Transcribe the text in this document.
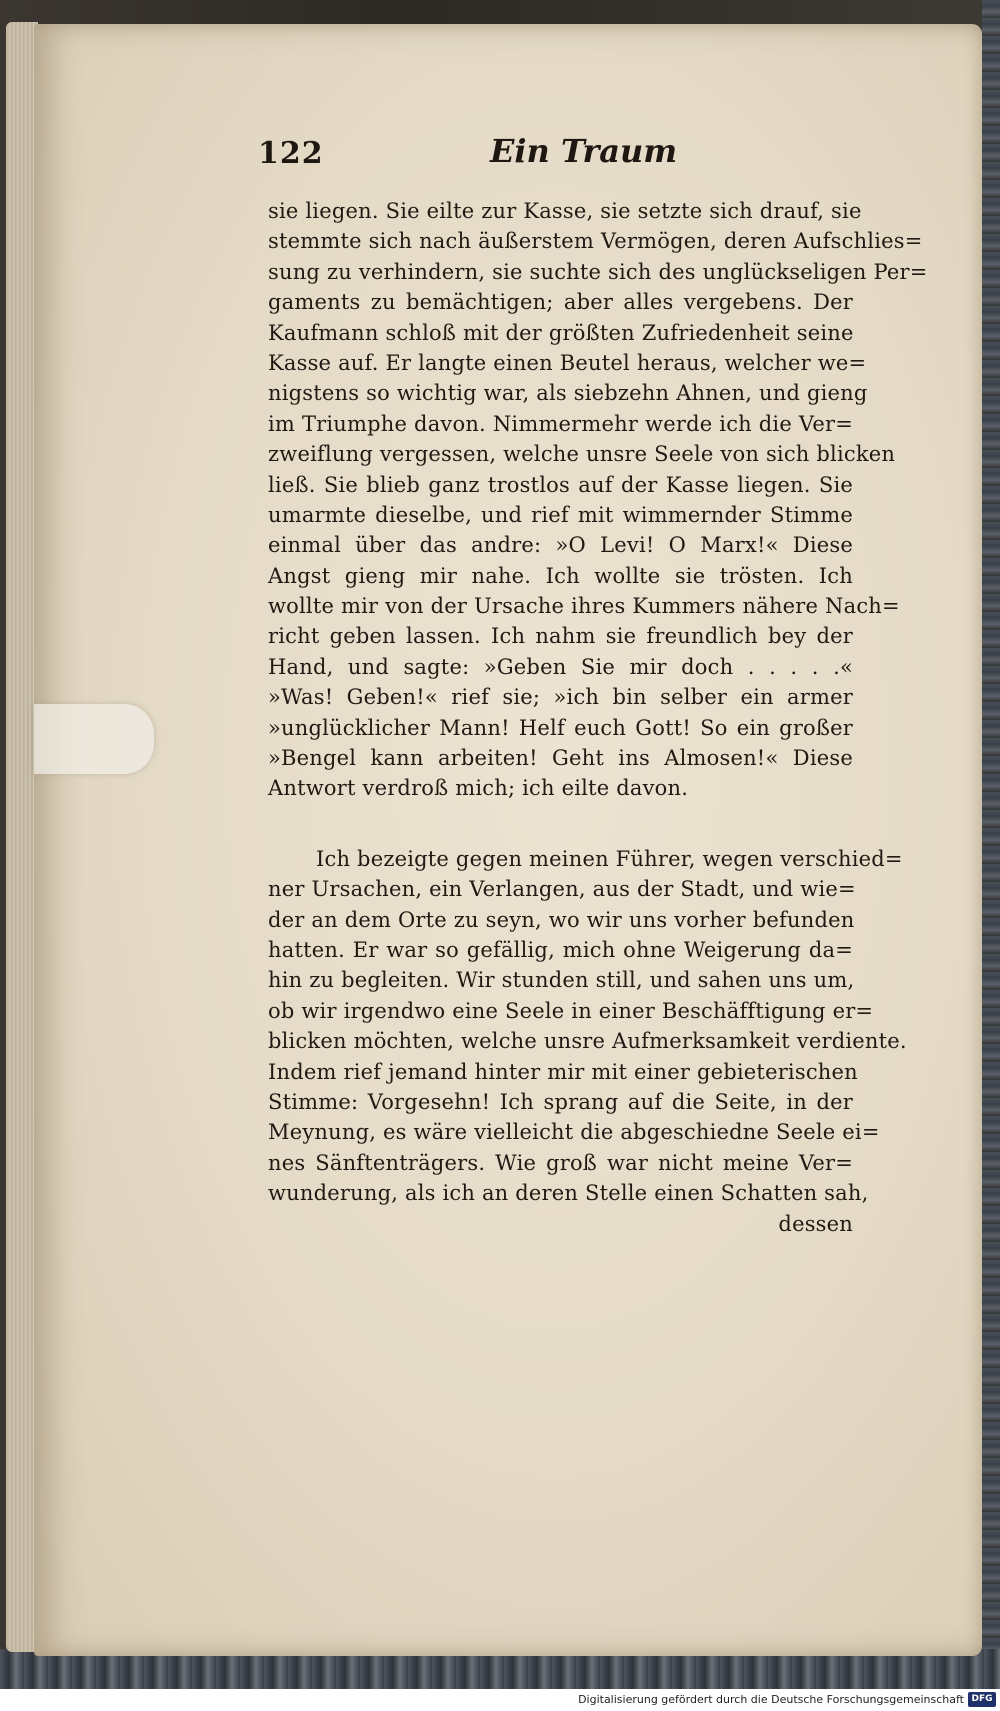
122	Ein Traum
sie liegen. Sie eilte zur Kasse, sie setzte sich drauf, sie
stemmte sich nach äußerstem Vermögen, deren Aufschlies=
sung zu verhindern, sie suchte sich des unglückseligen Per=
gaments zu bemächtigen; aber alles vergebens. Der
Kaufmann schloß mit der größten Zufriedenheit seine
Kasse auf. Er langte einen Beutel heraus, welcher we=
nigstens so wichtig war, als siebzehn Ahnen, und gieng
im Triumphe davon. Nimmermehr werde ich die Ver=
zweiflung vergessen, welche unsre Seele von sich blicken
ließ. Sie blieb ganz trostlos auf der Kasse liegen. Sie
umarmte dieselbe, und rief mit wimmernder Stimme
einmal über das andre: »O Levi! O Marx!« Diese
Angst gieng mir nahe. Ich wollte sie trösten. Ich
wollte mir von der Ursache ihres Kummers nähere Nach=
richt geben lassen. Ich nahm sie freundlich bey der
Hand, und sagte: »Geben Sie mir doch . . . . .«
»Was! Geben!« rief sie; »ich bin selber ein armer
»unglücklicher Mann! Helf euch Gott! So ein großer
»Bengel kann arbeiten! Geht ins Almosen!« Diese
Antwort verdroß mich; ich eilte davon.
Ich bezeigte gegen meinen Führer, wegen verschied=
ner Ursachen, ein Verlangen, aus der Stadt, und wie=
der an dem Orte zu seyn, wo wir uns vorher befunden
hatten. Er war so gefällig, mich ohne Weigerung da=
hin zu begleiten. Wir stunden still, und sahen uns um,
ob wir irgendwo eine Seele in einer Beschäfftigung er=
blicken möchten, welche unsre Aufmerksamkeit verdiente.
Indem rief jemand hinter mir mit einer gebieterischen
Stimme: Vorgesehn! Ich sprang auf die Seite, in der
Meynung, es wäre vielleicht die abgeschiedne Seele ei=
nes Sänftenträgers. Wie groß war nicht meine Ver=
wunderung, als ich an deren Stelle einen Schatten sah,
dessen
Digitalisierung gefördert durch die Deutsche Forschungsgemeinschaft DFG
